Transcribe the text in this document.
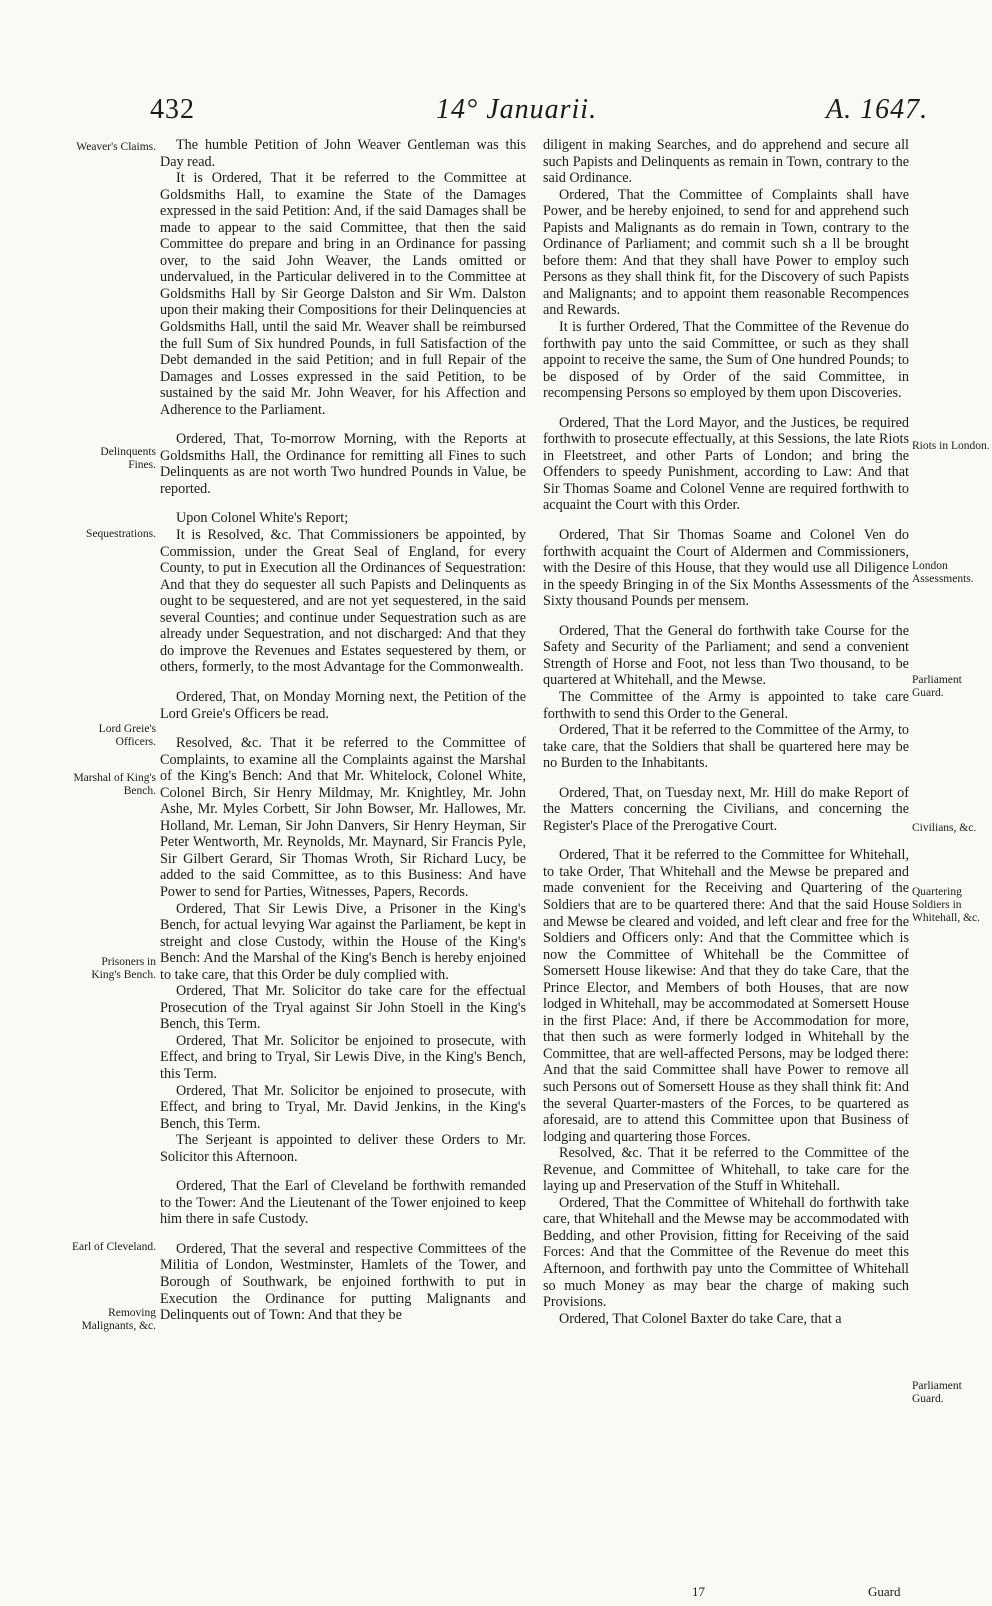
432	14° Januarii.	A. 1647.
Weaver's Claims.
Delinquents Fines.
Sequestrations.
Lord Greie's Officers.
Marshal of King's Bench.
Prisoners in King's Bench.
Earl of Cleveland.
Removing Malignants, &c.
Riots in London.
London Assessments.
Parliament Guard.
Civilians, &c.
Quartering Soldiers in Whitehall, &c.
Parliament Guard.

The humble Petition of John Weaver Gentleman was this Day read.

It is Ordered, That it be referred to the Committee at Goldsmiths Hall, to examine the State of the Damages expressed in the said Petition: And, if the said Damages shall be made to appear to the said Committee, that then the said Committee do prepare and bring in an Ordinance for passing over, to the said John Weaver, the Lands omitted or undervalued, in the Particular delivered in to the Committee at Goldsmiths Hall by Sir George Dalston and Sir Wm. Dalston upon their making their Compositions for their Delinquencies at Goldsmiths Hall, until the said Mr. Weaver shall be reimbursed the full Sum of Six hundred Pounds, in full Satisfaction of the Debt demanded in the said Petition; and in full Repair of the Damages and Losses expressed in the said Petition, to be sustained by the said Mr. John Weaver, for his Affection and Adherence to the Parliament.

Ordered, That, To-morrow Morning, with the Reports at Goldsmiths Hall, the Ordinance for remitting all Fines to such Delinquents as are not worth Two hundred Pounds in Value, be reported.

Upon Colonel White's Report;

It is Resolved, &c. That Commissioners be appointed, by Commission, under the Great Seal of England, for every County, to put in Execution all the Ordinances of Sequestration: And that they do sequester all such Papists and Delinquents as ought to be sequestered, and are not yet sequestered, in the said several Counties; and continue under Sequestration such as are already under Sequestration, and not discharged: And that they do improve the Revenues and Estates sequestered by them, or others, formerly, to the most Advantage for the Commonwealth.

Ordered, That, on Monday Morning next, the Petition of the Lord Greie's Officers be read.

Resolved, &c. That it be referred to the Committee of Complaints, to examine all the Complaints against the Marshal of the King's Bench: And that Mr. Whitelock, Colonel White, Colonel Birch, Sir Henry Mildmay, Mr. Knightley, Mr. John Ashe, Mr. Myles Corbett, Sir John Bowser, Mr. Hallowes, Mr. Holland, Mr. Leman, Sir John Danvers, Sir Henry Heyman, Sir Peter Wentworth, Mr. Reynolds, Mr. Maynard, Sir Francis Pyle, Sir Gilbert Gerard, Sir Thomas Wroth, Sir Richard Lucy, be added to the said Committee, as to this Business: And have Power to send for Parties, Witnesses, Papers, Records.

Ordered, That Sir Lewis Dive, a Prisoner in the King's Bench, for actual levying War against the Parliament, be kept in streight and close Custody, within the House of the King's Bench: And the Marshal of the King's Bench is hereby enjoined to take care, that this Order be duly complied with.

Ordered, That Mr. Solicitor do take care for the effectual Prosecution of the Tryal against Sir John Stoell in the King's Bench, this Term.

Ordered, That Mr. Solicitor be enjoined to prosecute, with Effect, and bring to Tryal, Sir Lewis Dive, in the King's Bench, this Term.

Ordered, That Mr. Solicitor be enjoined to prosecute, with Effect, and bring to Tryal, Mr. David Jenkins, in the King's Bench, this Term.

The Serjeant is appointed to deliver these Orders to Mr. Solicitor this Afternoon.

Ordered, That the Earl of Cleveland be forthwith remanded to the Tower: And the Lieutenant of the Tower enjoined to keep him there in safe Custody.

Ordered, That the several and respective Committees of the Militia of London, Westminster, Hamlets of the Tower, and Borough of Southwark, be enjoined forthwith to put in Execution the Ordinance for putting Malignants and Delinquents out of Town: And that they be

diligent in making Searches, and do apprehend and secure all such Papists and Delinquents as remain in Town, contrary to the said Ordinance.

Ordered, That the Committee of Complaints shall have Power, and be hereby enjoined, to send for and apprehend such Papists and Malignants as do remain in Town, contrary to the Ordinance of Parliament; and commit such sh a ll be brought before them: And that they shall have Power to employ such Persons as they shall think fit, for the Discovery of such Papists and Malignants; and to appoint them reasonable Recompences and Rewards.

It is further Ordered, That the Committee of the Revenue do forthwith pay unto the said Committee, or such as they shall appoint to receive the same, the Sum of One hundred Pounds; to be disposed of by Order of the said Committee, in recompensing Persons so employed by them upon Discoveries.

Ordered, That the Lord Mayor, and the Justices, be required forthwith to prosecute effectually, at this Sessions, the late Riots in Fleetstreet, and other Parts of London; and bring the Offenders to speedy Punishment, according to Law: And that Sir Thomas Soame and Colonel Venne are required forthwith to acquaint the Court with this Order.

Ordered, That Sir Thomas Soame and Colonel Ven do forthwith acquaint the Court of Aldermen and Commissioners, with the Desire of this House, that they would use all Diligence in the speedy Bringing in of the Six Months Assessments of the Sixty thousand Pounds per mensem.

Ordered, That the General do forthwith take Course for the Safety and Security of the Parliament; and send a convenient Strength of Horse and Foot, not less than Two thousand, to be quartered at Whitehall, and the Mewse.

The Committee of the Army is appointed to take care forthwith to send this Order to the General.

Ordered, That it be referred to the Committee of the Army, to take care, that the Soldiers that shall be quartered here may be no Burden to the Inhabitants.

Ordered, That, on Tuesday next, Mr. Hill do make Report of the Matters concerning the Civilians, and concerning the Register's Place of the Prerogative Court.

Ordered, That it be referred to the Committee for Whitehall, to take Order, That Whitehall and the Mewse be prepared and made convenient for the Receiving and Quartering of the Soldiers that are to be quartered there: And that the said House and Mewse be cleared and voided, and left clear and free for the Soldiers and Officers only: And that the Committee which is now the Committee of Whitehall be the Committee of Somersett House likewise: And that they do take Care, that the Prince Elector, and Members of both Houses, that are now lodged in Whitehall, may be accommodated at Somersett House in the first Place: And, if there be Accommodation for more, that then such as were formerly lodged in Whitehall by the Committee, that are well-affected Persons, may be lodged there: And that the said Committee shall have Power to remove all such Persons out of Somersett House as they shall think fit: And the several Quarter-masters of the Forces, to be quartered as aforesaid, are to attend this Committee upon that Business of lodging and quartering those Forces.

Resolved, &c. That it be referred to the Committee of the Revenue, and Committee of Whitehall, to take care for the laying up and Preservation of the Stuff in Whitehall.

Ordered, That the Committee of Whitehall do forthwith take care, that Whitehall and the Mewse may be accommodated with Bedding, and other Provision, fitting for Receiving of the said Forces: And that the Committee of the Revenue do meet this Afternoon, and forthwith pay unto the Committee of Whitehall so much Money as may bear the charge of making such Provisions.

Ordered, That Colonel Baxter do take Care, that a

17	Guard
